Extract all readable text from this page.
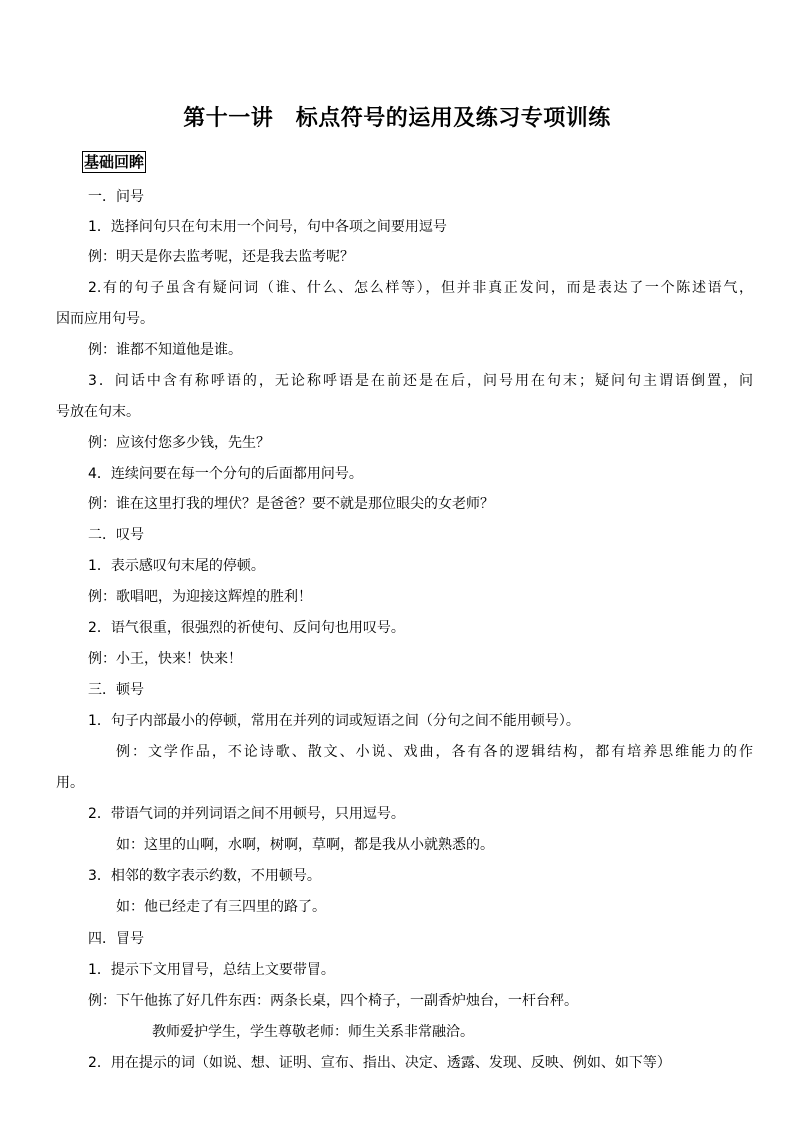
第十一讲　标点符号的运用及练习专项训练
基础回眸
一．问号
1．选择问句只在句末用一个问号，句中各项之间要用逗号
例：明天是你去监考呢，还是我去监考呢？
2.有的句子虽含有疑问词（谁、什么、怎么样等），但并非真正发问，而是表达了一个陈述语气，
因而应用句号。
例：谁都不知道他是谁。
3．问话中含有称呼语的，无论称呼语是在前还是在后，问号用在句末；疑问句主谓语倒置，问
号放在句末。
例：应该付您多少钱，先生？
4．连续问要在每一个分句的后面都用问号。
例：谁在这里打我的埋伏？是爸爸？要不就是那位眼尖的女老师？
二．叹号
1．表示感叹句末尾的停顿。
例：歌唱吧，为迎接这辉煌的胜利！
2．语气很重，很强烈的祈使句、反问句也用叹号。
例：小王，快来！快来！
三．顿号
1．句子内部最小的停顿，常用在并列的词或短语之间（分句之间不能用顿号）。
例：文学作品，不论诗歌、散文、小说、戏曲，各有各的逻辑结构，都有培养思维能力的作
用。
2．带语气词的并列词语之间不用顿号，只用逗号。
如：这里的山啊，水啊，树啊，草啊，都是我从小就熟悉的。
3．相邻的数字表示约数，不用顿号。
如：他已经走了有三四里的路了。
四．冒号
1．提示下文用冒号，总结上文要带冒。
例：下午他拣了好几件东西：两条长桌，四个椅子，一副香炉烛台，一杆台秤。
教师爱护学生，学生尊敬老师：师生关系非常融洽。
2．用在提示的词（如说、想、证明、宣布、指出、决定、透露、发现、反映、例如、如下等）
